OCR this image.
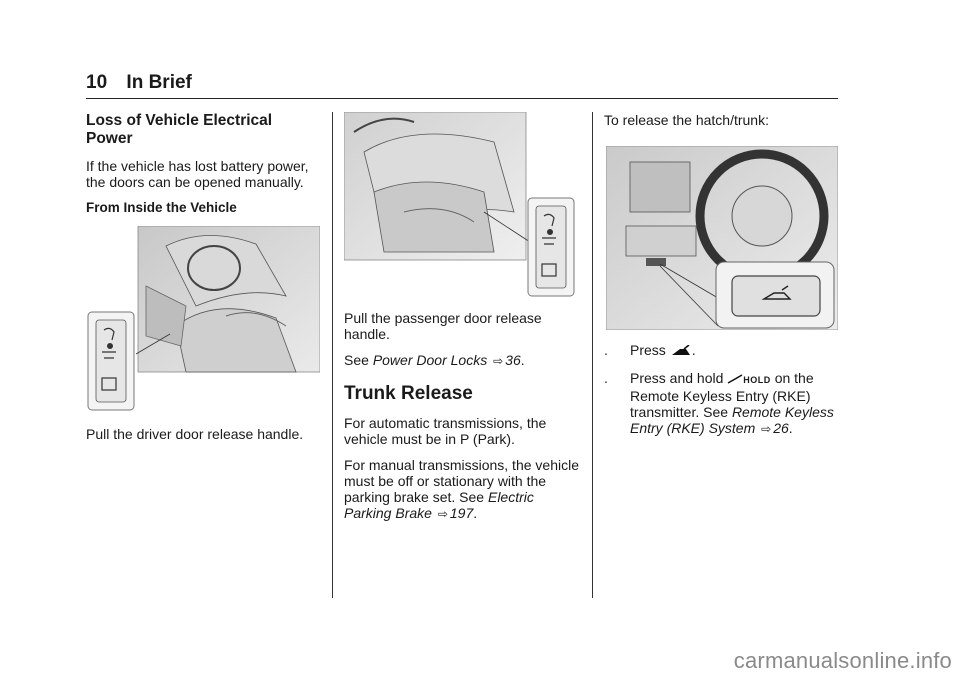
10 In Brief

Loss of Vehicle Electrical Power

If the vehicle has lost battery power, the doors can be opened manually.

From Inside the Vehicle

Pull the driver door release handle.

Pull the passenger door release handle.

See Power Door Locks ⇨ 36.

Trunk Release

For automatic transmissions, the vehicle must be in P (Park).

For manual transmissions, the vehicle must be off or stationary with the parking brake set. See Electric Parking Brake ⇨ 197.

To release the hatch/trunk:

.	Press .
.	Press and hold HOLD on the Remote Keyless Entry (RKE) transmitter. See Remote Keyless Entry (RKE) System ⇨ 26.
carmanualsonline.info
